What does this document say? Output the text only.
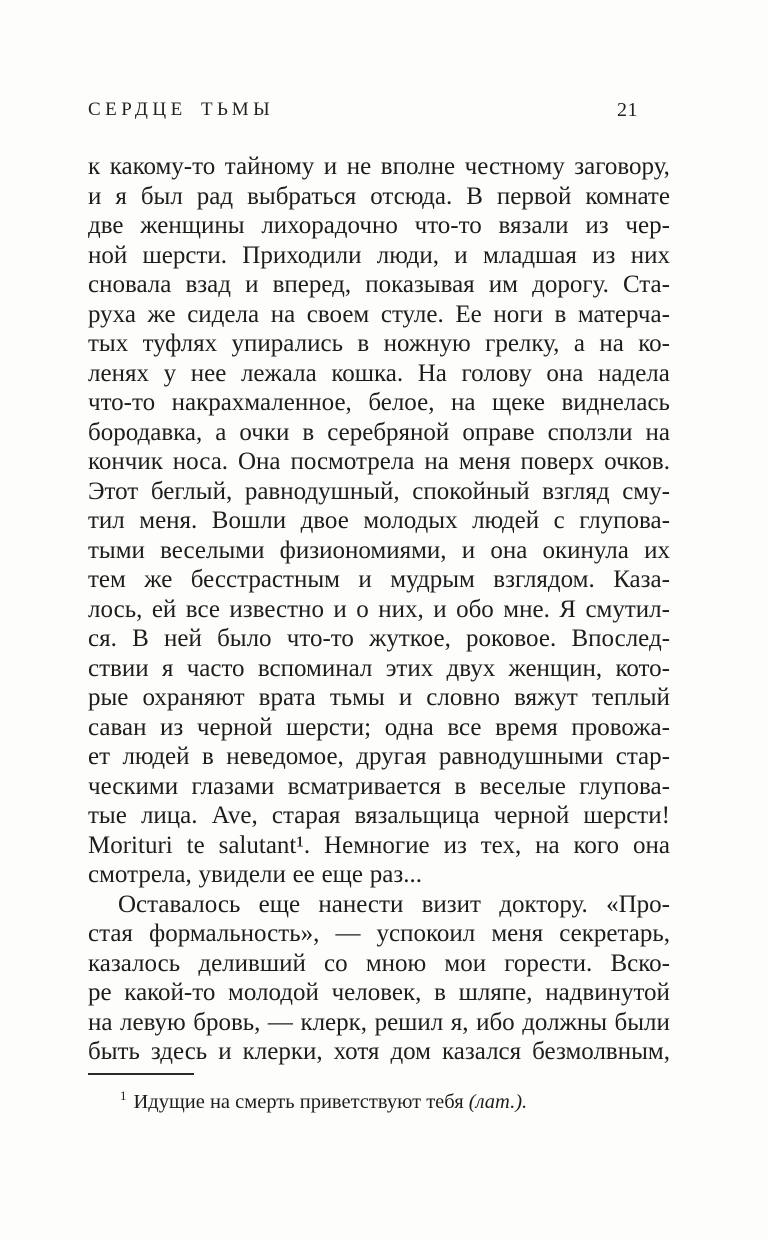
СЕРДЦЕ ТЬМЫ	21
к какому-то тайному и не вполне честному заговору,
и я был рад выбраться отсюда. В первой комнате
две женщины лихорадочно что-то вязали из чер-
ной шерсти. Приходили люди, и младшая из них
сновала взад и вперед, показывая им дорогу. Ста-
руха же сидела на своем стуле. Ее ноги в матерча-
тых туфлях упирались в ножную грелку, а на ко-
ленях у нее лежала кошка. На голову она надела
что-то накрахмаленное, белое, на щеке виднелась
бородавка, а очки в серебряной оправе сползли на
кончик носа. Она посмотрела на меня поверх очков.
Этот беглый, равнодушный, спокойный взгляд сму-
тил меня. Вошли двое молодых людей с глупова-
тыми веселыми физиономиями, и она окинула их
тем же бесстрастным и мудрым взглядом. Каза-
лось, ей все известно и о них, и обо мне. Я смутил-
ся. В ней было что-то жуткое, роковое. Впослед-
ствии я часто вспоминал этих двух женщин, кото-
рые охраняют врата тьмы и словно вяжут теплый
саван из черной шерсти; одна все время провожа-
ет людей в неведомое, другая равнодушными стар-
ческими глазами всматривается в веселые глупова-
тые лица. Ave, старая вязальщица черной шерсти!
Morituri te salutant¹. Немногие из тех, на кого она
смотрела, увидели ее еще раз...
Оставалось еще нанести визит доктору. «Про-
стая формальность», — успокоил меня секретарь,
казалось деливший со мною мои горести. Вско-
ре какой-то молодой человек, в шляпе, надвинутой
на левую бровь, — клерк, решил я, ибо должны были
быть здесь и клерки, хотя дом казался безмолвным,
$^1$ Идущие на смерть приветствуют тебя (лат.).
